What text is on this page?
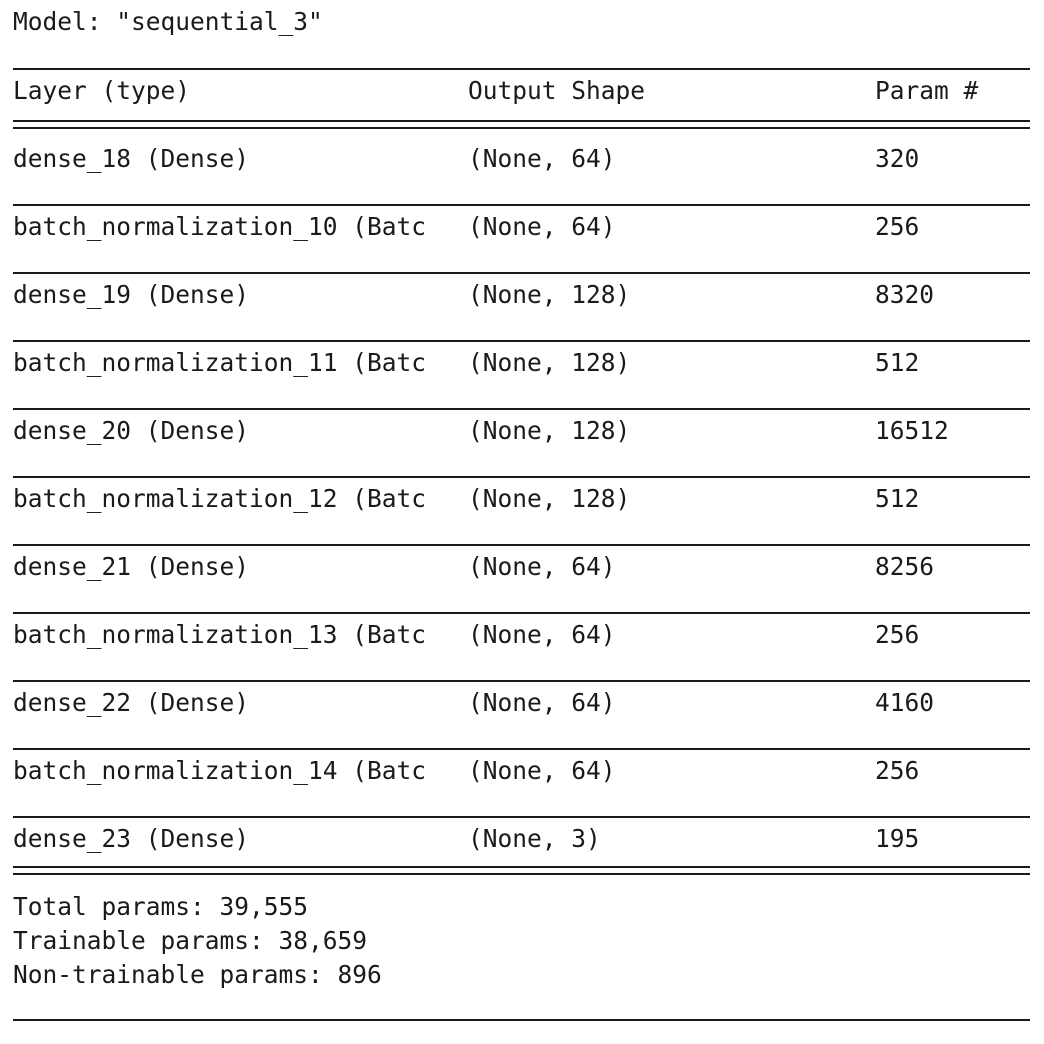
Model: "sequential_3"
Layer (type)	Output Shape	Param #
dense_18 (Dense)	(None, 64)	320
batch_normalization_10 (Batc (None, 64)	256
dense_19 (Dense)	(None, 128)	8320
batch_normalization_11 (Batc (None, 128)	512
dense_20 (Dense)	(None, 128)	16512
batch_normalization_12 (Batc (None, 128)	512
dense_21 (Dense)	(None, 64)	8256
batch_normalization_13 (Batc (None, 64)	256
dense_22 (Dense)	(None, 64)	4160
batch_normalization_14 (Batc (None, 64)	256
dense_23 (Dense)	(None, 3)	195
Total params: 39,555
Trainable params: 38,659
Non-trainable params: 896
